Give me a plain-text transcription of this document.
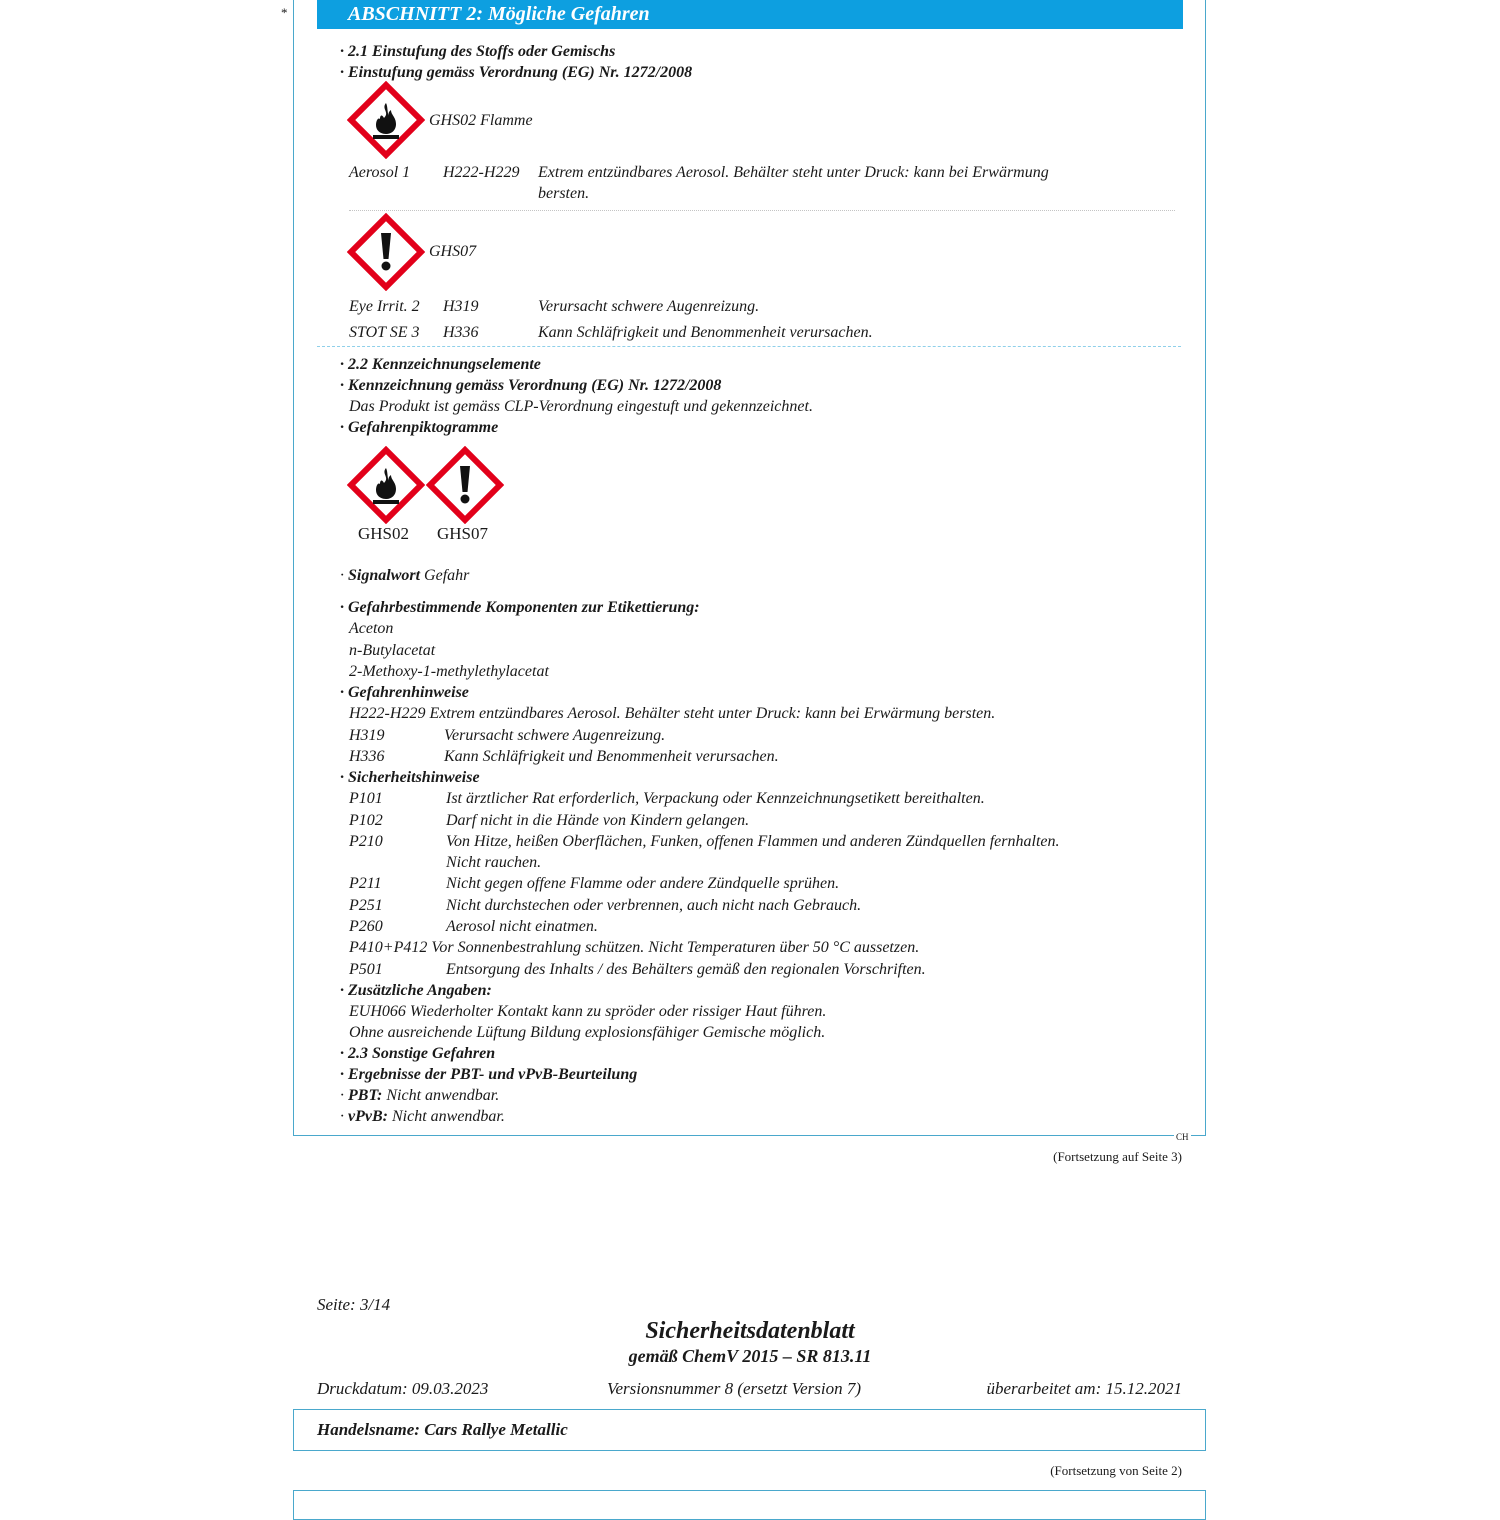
*	ABSCHNITT 2: Mögliche Gefahren
· 2.1 Einstufung des Stoffs oder Gemischs
· Einstufung gemäss Verordnung (EG) Nr. 1272/2008
GHS02 Flamme
Aerosol 1 H222-H229 Extrem entzündbares Aerosol. Behälter steht unter Druck: kann bei Erwärmung
bersten.
GHS07
Eye Irrit. 2 H319	Verursacht schwere Augenreizung.
STOT SE 3 H336	Kann Schläfrigkeit und Benommenheit verursachen.
· 2.2 Kennzeichnungselemente
· Kennzeichnung gemäss Verordnung (EG) Nr. 1272/2008
Das Produkt ist gemäss CLP-Verordnung eingestuft und gekennzeichnet.
· Gefahrenpiktogramme
GHS02 GHS07
· Signalwort Gefahr
· Gefahrbestimmende Komponenten zur Etikettierung:
Aceton
n-Butylacetat
2-Methoxy-1-methylethylacetat
· Gefahrenhinweise
H222-H229 Extrem entzündbares Aerosol. Behälter steht unter Druck: kann bei Erwärmung bersten.
H319	Verursacht schwere Augenreizung.
H336	Kann Schläfrigkeit und Benommenheit verursachen.
· Sicherheitshinweise
P101	Ist ärztlicher Rat erforderlich, Verpackung oder Kennzeichnungsetikett bereithalten.
P102	Darf nicht in die Hände von Kindern gelangen.
P210	Von Hitze, heißen Oberflächen, Funken, offenen Flammen und anderen Zündquellen fernhalten.
Nicht rauchen.
P211	Nicht gegen offene Flamme oder andere Zündquelle sprühen.
P251	Nicht durchstechen oder verbrennen, auch nicht nach Gebrauch.
P260	Aerosol nicht einatmen.
P410+P412 Vor Sonnenbestrahlung schützen. Nicht Temperaturen über 50 °C aussetzen.
P501	Entsorgung des Inhalts / des Behälters gemäß den regionalen Vorschriften.
· Zusätzliche Angaben:
EUH066 Wiederholter Kontakt kann zu spröder oder rissiger Haut führen.
Ohne ausreichende Lüftung Bildung explosionsfähiger Gemische möglich.
· 2.3 Sonstige Gefahren
· Ergebnisse der PBT- und vPvB-Beurteilung
· PBT: Nicht anwendbar.
· vPvB: Nicht anwendbar.
CH
(Fortsetzung auf Seite 3)
Seite: 3/14
Sicherheitsdatenblatt
gemäß ChemV 2015 – SR 813.11
Druckdatum: 09.03.2023	Versionsnummer 8 (ersetzt Version 7)	überarbeitet am: 15.12.2021
Handelsname: Cars Rallye Metallic
(Fortsetzung von Seite 2)
